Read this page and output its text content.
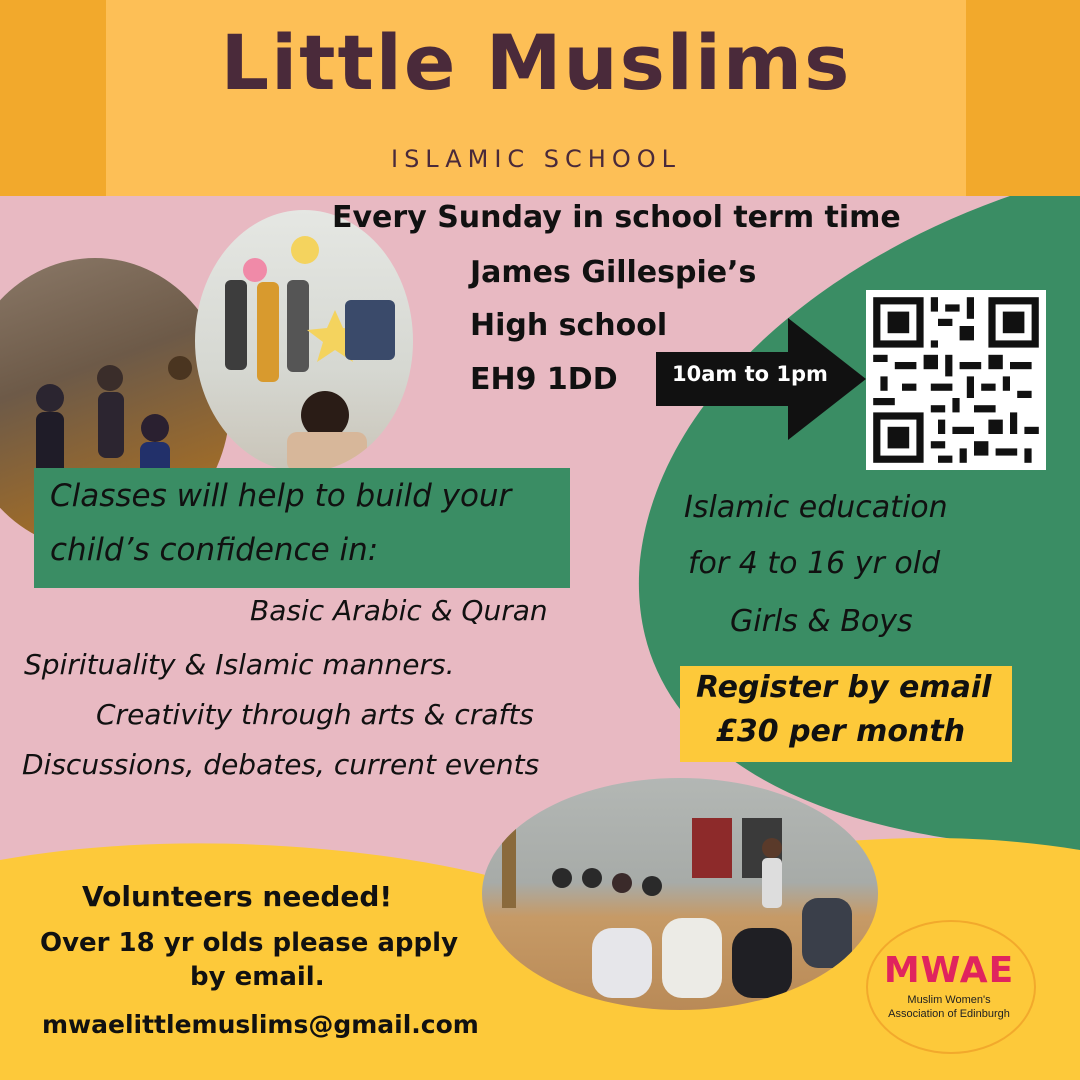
Little Muslims
ISLAMIC SCHOOL
Every Sunday in school term time
James Gillespie’s
High school
EH9 1DD	10am to 1pm
Classes will help to build your
child’s confidence in:
Basic Arabic & Quran
Spirituality & Islamic manners.
Creativity through arts & crafts
Discussions, debates, current events
Islamic education
for 4 to 16 yr old
Girls & Boys
Register by email
£30 per month
Volunteers needed!
Over 18 yr olds please apply
by email.
mwaelittlemuslims@gmail.com
MWAE
Muslim Women's
Association of Edinburgh
